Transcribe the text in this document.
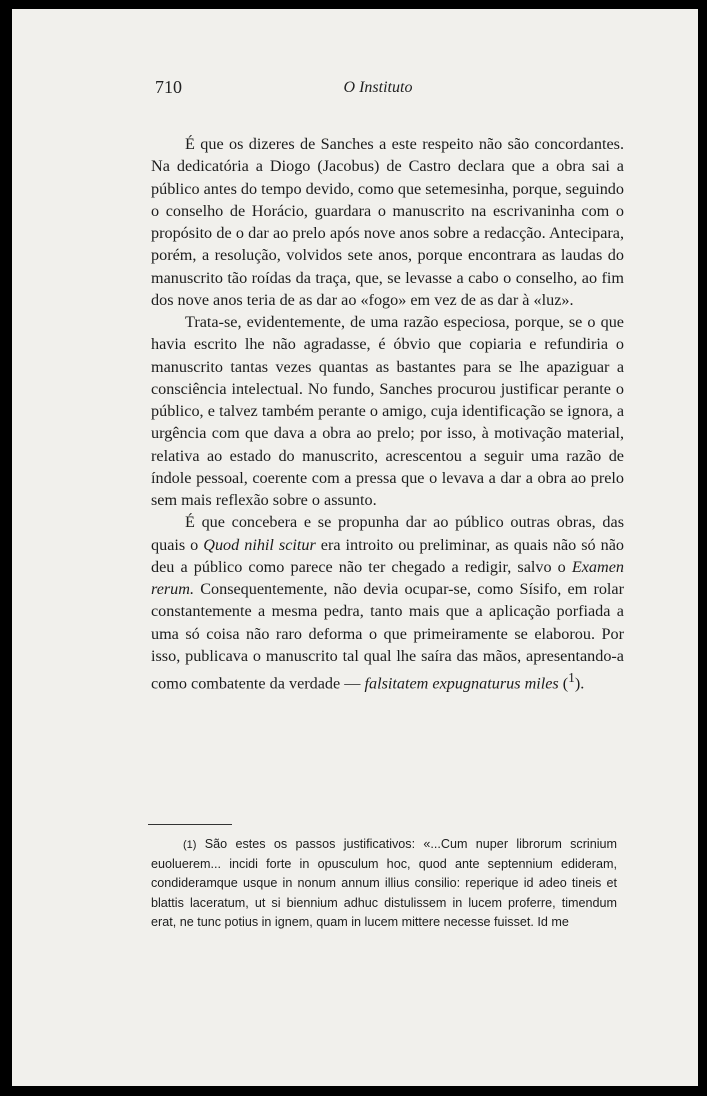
710	O Instituto

É que os dizeres de Sanches a este respeito não são concordantes. Na dedicatória a Diogo (Jacobus) de Castro declara que a obra sai a público antes do tempo devido, como que setemesinha, porque, seguindo o conselho de Horácio, guardara o manuscrito na escrivaninha com o propósito de o dar ao prelo após nove anos sobre a redacção. Antecipara, porém, a resolução, volvidos sete anos, porque encontrara as laudas do manuscrito tão roídas da traça, que, se levasse a cabo o conselho, ao fim dos nove anos teria de as dar ao «fogo» em vez de as dar à «luz».

Trata-se, evidentemente, de uma razão especiosa, porque, se o que havia escrito lhe não agradasse, é óbvio que copiaria e refundiria o manuscrito tantas vezes quantas as bastantes para se lhe apaziguar a consciência intelectual. No fundo, Sanches procurou justificar perante o público, e talvez também perante o amigo, cuja identificação se ignora, a urgência com que dava a obra ao prelo; por isso, à motivação material, relativa ao estado do manuscrito, acrescentou a seguir uma razão de índole pessoal, coerente com a pressa que o levava a dar a obra ao prelo sem mais reflexão sobre o assunto.

É que concebera e se propunha dar ao público outras obras, das quais o Quod nihil scitur era introito ou preliminar, as quais não só não deu a público como parece não ter chegado a redigir, salvo o Examen rerum. Consequentemente, não devia ocupar-se, como Sísifo, em rolar constantemente a mesma pedra, tanto mais que a aplicação porfiada a uma só coisa não raro deforma o que primeiramente se elaborou. Por isso, publicava o manuscrito tal qual lhe saíra das mãos, apresentando-a como combatente da verdade — falsitatem expugnaturus miles ($^1$).

(1) São estes os passos justificativos: «...Cum nuper librorum scrinium euoluerem... incidi forte in opusculum hoc, quod ante septennium edideram, condideramque usque in nonum annum illius consilio: reperique id adeo tineis et blattis laceratum, ut si biennium adhuc distulissem in lucem proferre, timendum erat, ne tunc potius in ignem, quam in lucem mittere necesse fuisset. Id me
